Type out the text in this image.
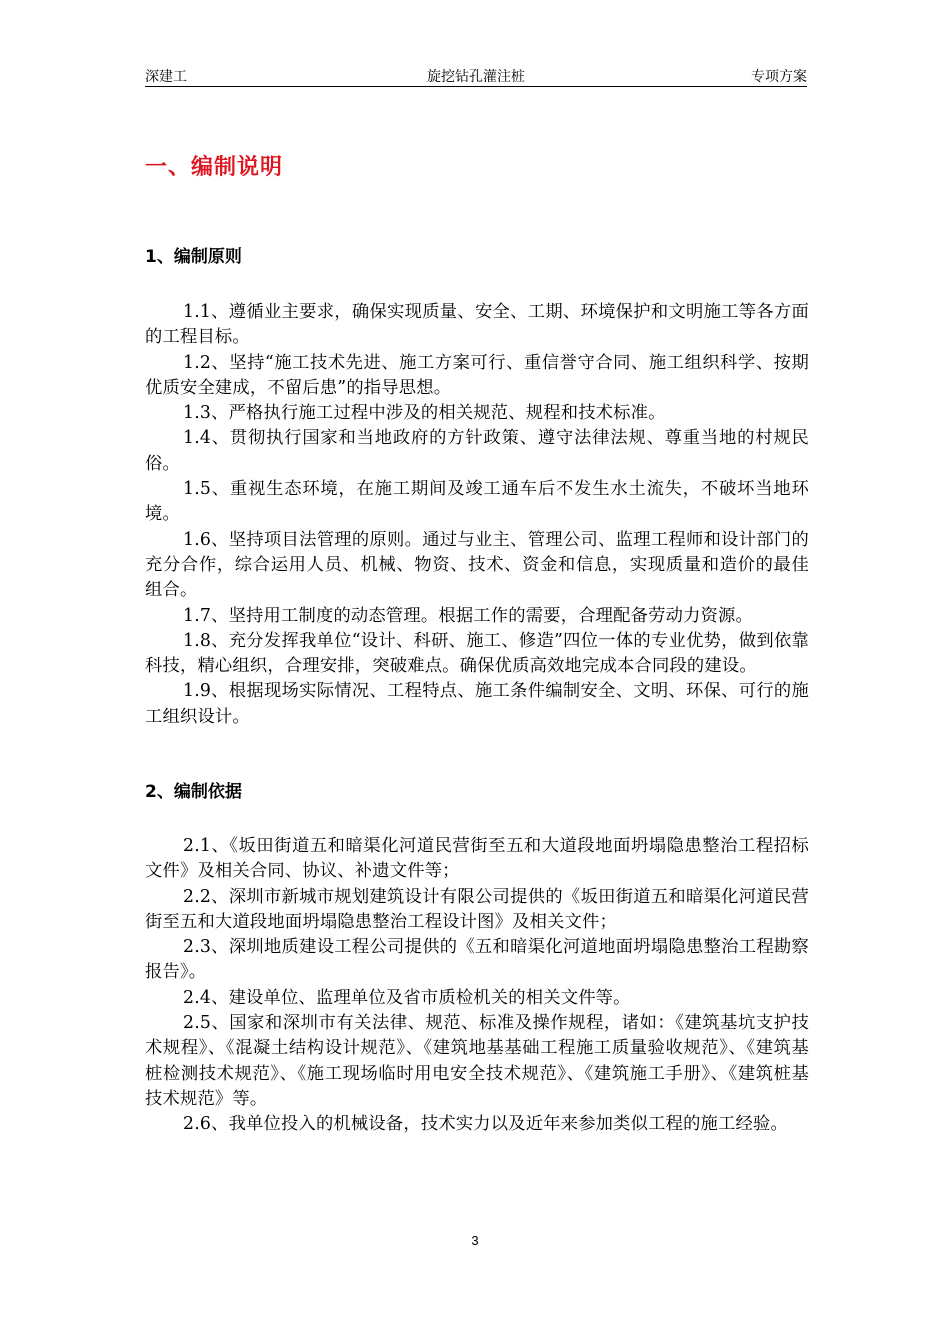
深建工	旋挖钻孔灌注桩	专项方案
一、编制说明
1、编制原则

1.1、遵循业主要求，确保实现质量、安全、工期、环境保护和文明施工等各方面的工程目标。

1.2、坚持“施工技术先进、施工方案可行、重信誉守合同、施工组织科学、按期优质安全建成，不留后患”的指导思想。

1.3、严格执行施工过程中涉及的相关规范、规程和技术标准。

1.4、贯彻执行国家和当地政府的方针政策、遵守法律法规、尊重当地的村规民俗。

1.5、重视生态环境，在施工期间及竣工通车后不发生水土流失，不破坏当地环境。

1.6、坚持项目法管理的原则。通过与业主、管理公司、监理工程师和设计部门的充分合作，综合运用人员、机械、物资、技术、资金和信息，实现质量和造价的最佳组合。

1.7、坚持用工制度的动态管理。根据工作的需要，合理配备劳动力资源。

1.8、充分发挥我单位“设计、科研、施工、修造”四位一体的专业优势，做到依靠科技，精心组织，合理安排，突破难点。确保优质高效地完成本合同段的建设。

1.9、根据现场实际情况、工程特点、施工条件编制安全、文明、环保、可行的施工组织设计。

2、编制依据

2.1、《坂田街道五和暗渠化河道民营街至五和大道段地面坍塌隐患整治工程招标文件》及相关合同、协议、补遗文件等；

2.2、深圳市新城市规划建筑设计有限公司提供的《坂田街道五和暗渠化河道民营街至五和大道段地面坍塌隐患整治工程设计图》及相关文件；

2.3、深圳地质建设工程公司提供的《五和暗渠化河道地面坍塌隐患整治工程勘察报告》。

2.4、建设单位、监理单位及省市质检机关的相关文件等。

2.5、国家和深圳市有关法律、规范、标准及操作规程，诸如：《建筑基坑支护技术规程》、《混凝土结构设计规范》、《建筑地基基础工程施工质量验收规范》、《建筑基桩检测技术规范》、《施工现场临时用电安全技术规范》、《建筑施工手册》、《建筑桩基技术规范》等。

2.6、我单位投入的机械设备，技术实力以及近年来参加类似工程的施工经验。

3
